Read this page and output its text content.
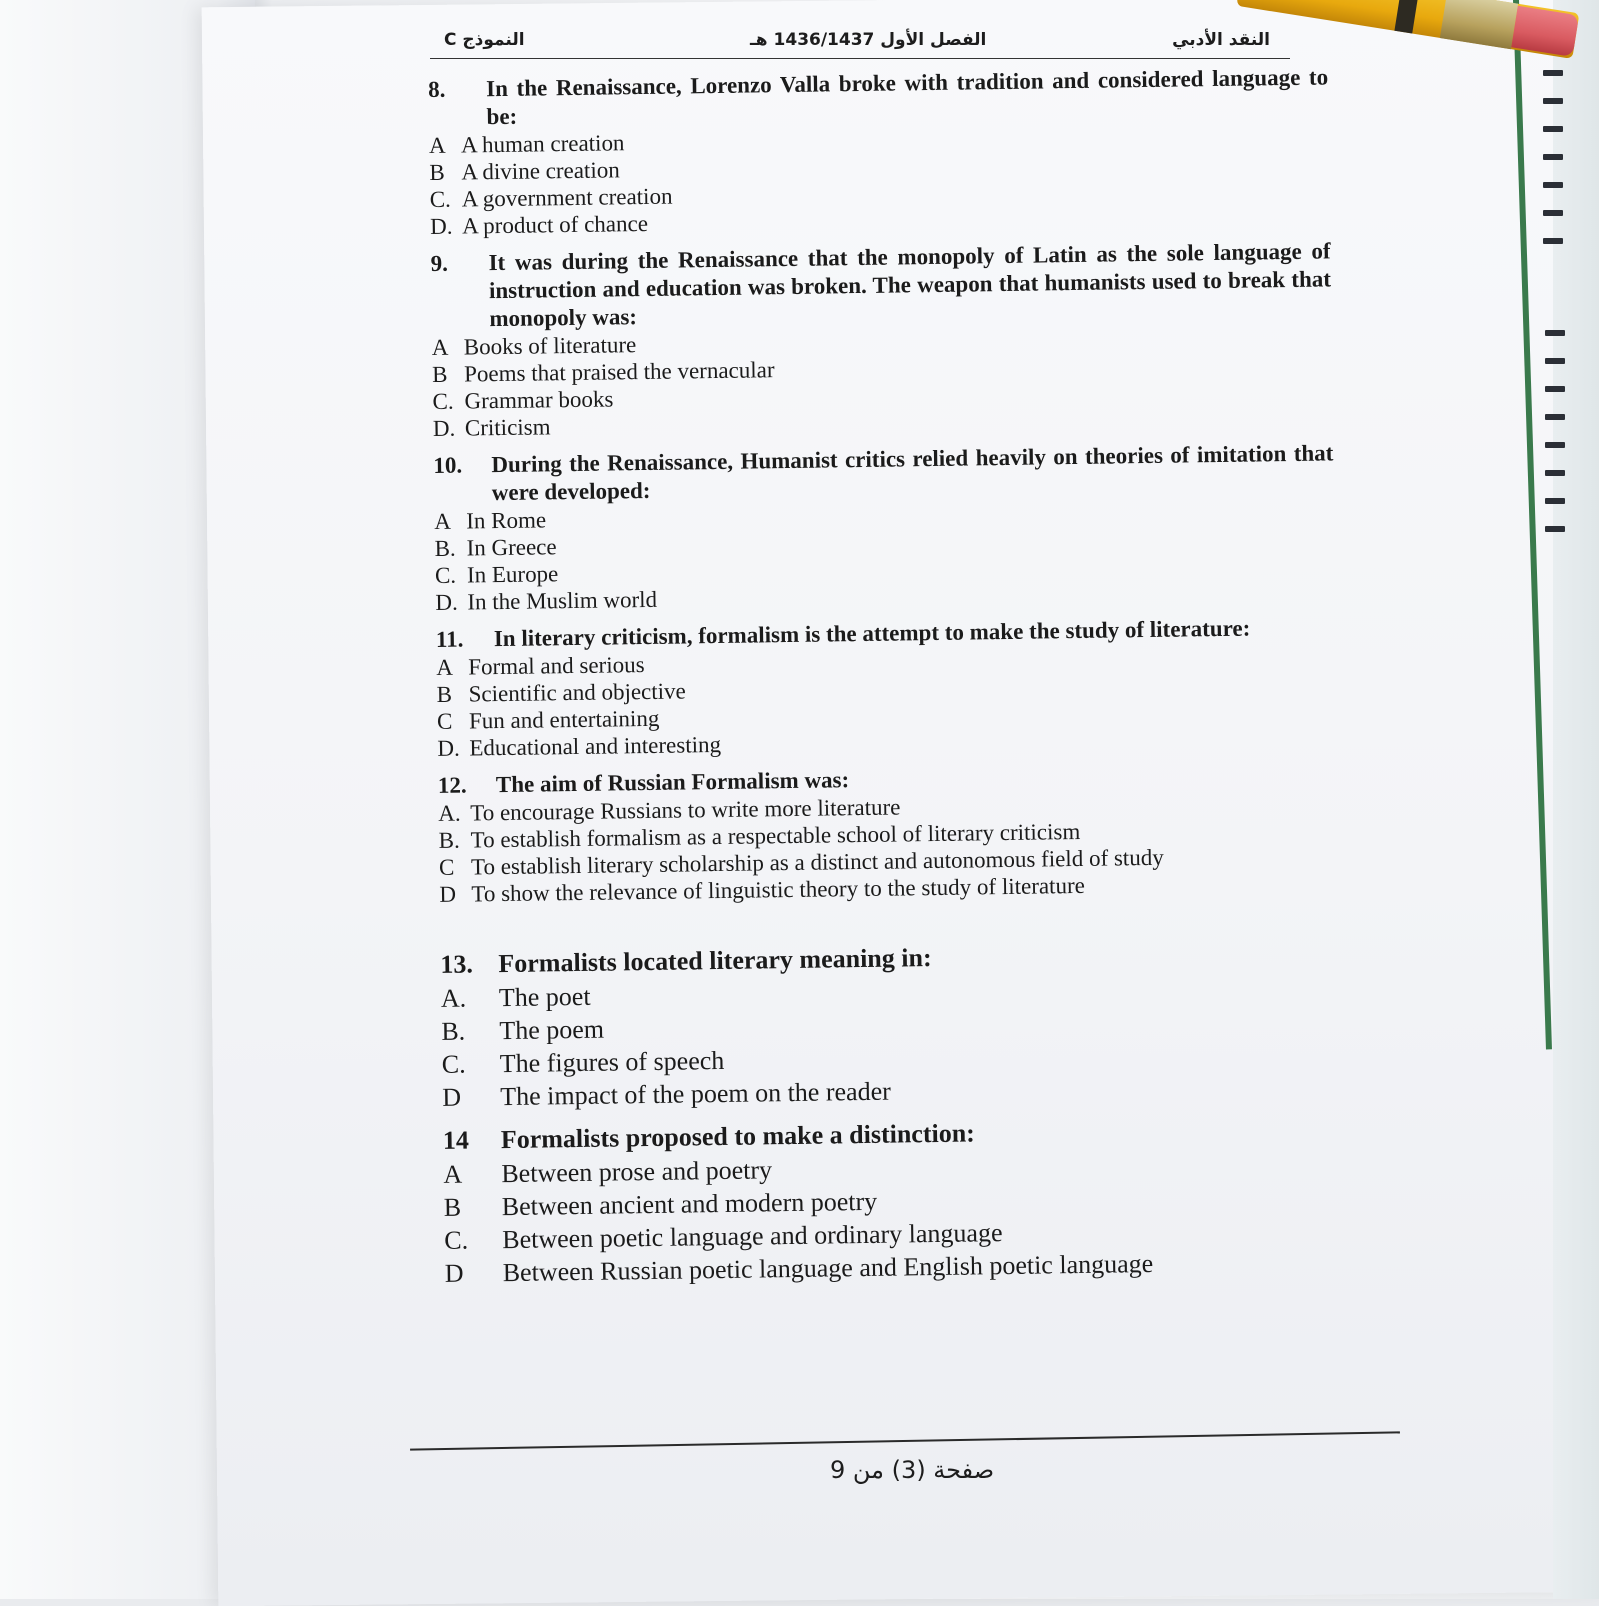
النموذج C	الفصل الأول 1436/1437 هـ	النقد الأدبي
8.	In the Renaissance, Lorenzo Valla broke with tradition and considered language to be:
A A human creation
B A divine creation
C. A government creation
D. A product of chance
9.	It was during the Renaissance that the monopoly of Latin as the sole language of instruction and education was broken. The weapon that humanists used to break that monopoly was:
A Books of literature
B Poems that praised the vernacular
C. Grammar books
D. Criticism
10.	During the Renaissance, Humanist critics relied heavily on theories of imitation that were developed:
A In Rome
B. In Greece
C. In Europe
D. In the Muslim world
11.	In literary criticism, formalism is the attempt to make the study of literature:
A Formal and serious
B Scientific and objective
C Fun and entertaining
D. Educational and interesting
12.	The aim of Russian Formalism was:
A. To encourage Russians to write more literature
B. To establish formalism as a respectable school of literary criticism
C To establish literary scholarship as a distinct and autonomous field of study
D To show the relevance of linguistic theory to the study of literature
13. Formalists located literary meaning in:
A.	The poet
B.	The poem
C.	The figures of speech
D	The impact of the poem on the reader
14	Formalists proposed to make a distinction:
A	Between prose and poetry
B	Between ancient and modern poetry
C.	Between poetic language and ordinary language
D	Between Russian poetic language and English poetic language
صفحة (3) من 9
